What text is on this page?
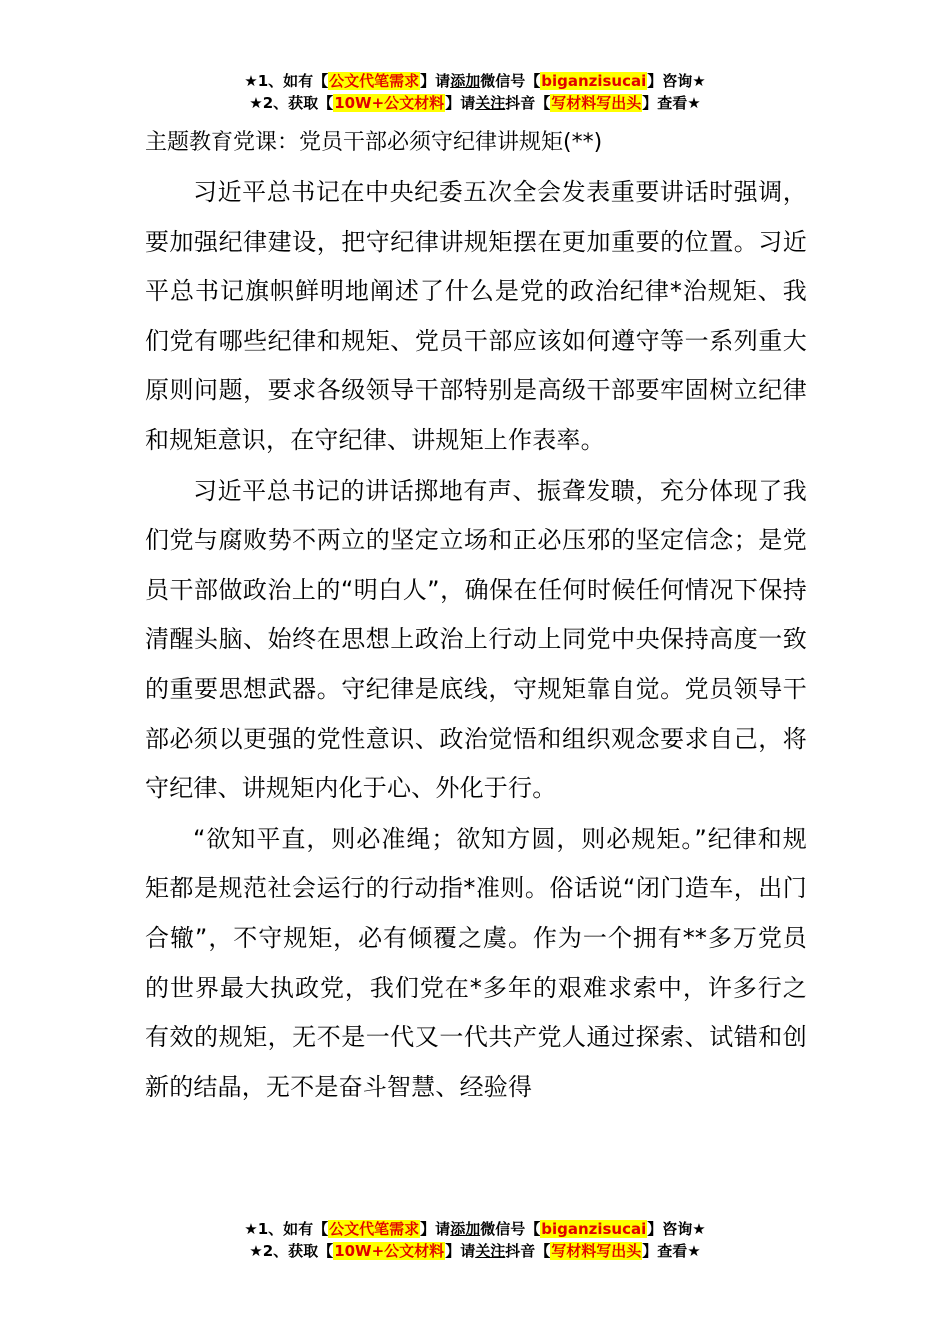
★1、如有【公文代笔需求】请添加微信号【biganzisucai】咨询★
★2、获取【10W+公文材料】请关注抖音【写材料写出头】查看★
主题教育党课：党员干部必须守纪律讲规矩(**)

习近平总书记在中央纪委五次全会发表重要讲话时强调，要加强纪律建设，把守纪律讲规矩摆在更加重要的位置。习近平总书记旗帜鲜明地阐述了什么是党的政治纪律*治规矩、我们党有哪些纪律和规矩、党员干部应该如何遵守等一系列重大原则问题，要求各级领导干部特别是高级干部要牢固树立纪律和规矩意识，在守纪律、讲规矩上作表率。

习近平总书记的讲话掷地有声、振聋发聩，充分体现了我们党与腐败势不两立的坚定立场和正必压邪的坚定信念；是党员干部做政治上的“明白人”，确保在任何时候任何情况下保持清醒头脑、始终在思想上政治上行动上同党中央保持高度一致的重要思想武器。守纪律是底线，守规矩靠自觉。党员领导干部必须以更强的党性意识、政治觉悟和组织观念要求自己，将守纪律、讲规矩内化于心、外化于行。

“欲知平直，则必准绳；欲知方圆，则必规矩。”纪律和规矩都是规范社会运行的行动指*准则。俗话说“闭门造车，出门合辙”，不守规矩，必有倾覆之虞。作为一个拥有**多万党员的世界最大执政党，我们党在*多年的艰难求索中，许多行之有效的规矩，无不是一代又一代共产党人通过探索、试错和创新的结晶，无不是奋斗智慧、经验得

★1、如有【公文代笔需求】请添加微信号【biganzisucai】咨询★
★2、获取【10W+公文材料】请关注抖音【写材料写出头】查看★
